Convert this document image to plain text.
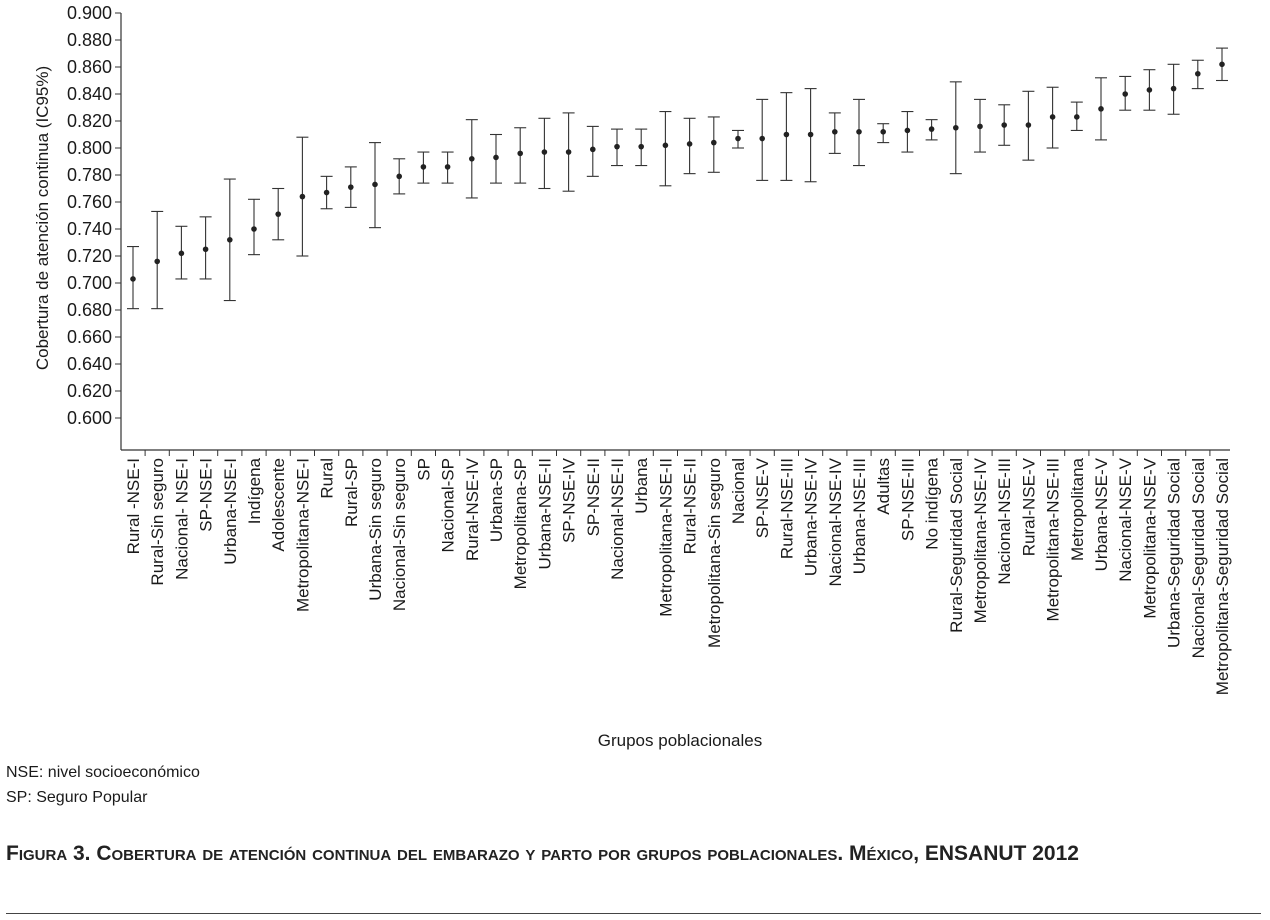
0.900
0.880
0.860
0.840
0.820
0.800
0.780
0.760
0.740
0.720
0.700
0.680
0.660
0.640
0.620
0.600
Rural -NSE-I Rural-Sin seguro Nacional- NSE-I SP-NSE-I Urbana-NSE-I Indígena Adolescente Metropolitana-NSE-I Rural Rural-SP Urbana-Sin seguro Nacional-Sin seguro SP Nacional-SP Rural-NSE-IV Urbana-SP Metropolitana-SP Urbana-NSE-II SP-NSE-IV SP-NSE-II Nacional-NSE-II Urbana Metropolitana-NSE-II Rural-NSE-II Metropolitana-Sin seguro Nacional SP-NSE-V Rural-NSE-III Urbana-NSE-IV Nacional-NSE-IV Urbana-NSE-III Adultas SP-NSE-III No indígena Rural-Seguridad Social Metropolitana-NSE-IV Nacional-NSE-III Rural-NSE-V Metropolitana-NSE-III Metropolitana Urbana-NSE-V Nacional-NSE-V Metropolitana-NSE-V Urbana-Seguridad Social Nacional-Seguridad Social Metropolitana-Seguridad Social
Cobertura de atención continua (IC95%)
Grupos poblacionales
NSE: nivel socioeconómico
SP: Seguro Popular
Figura 3. Cobertura de atención continua del embarazo y parto por grupos poblacionales. México, ENSANUT 2012
